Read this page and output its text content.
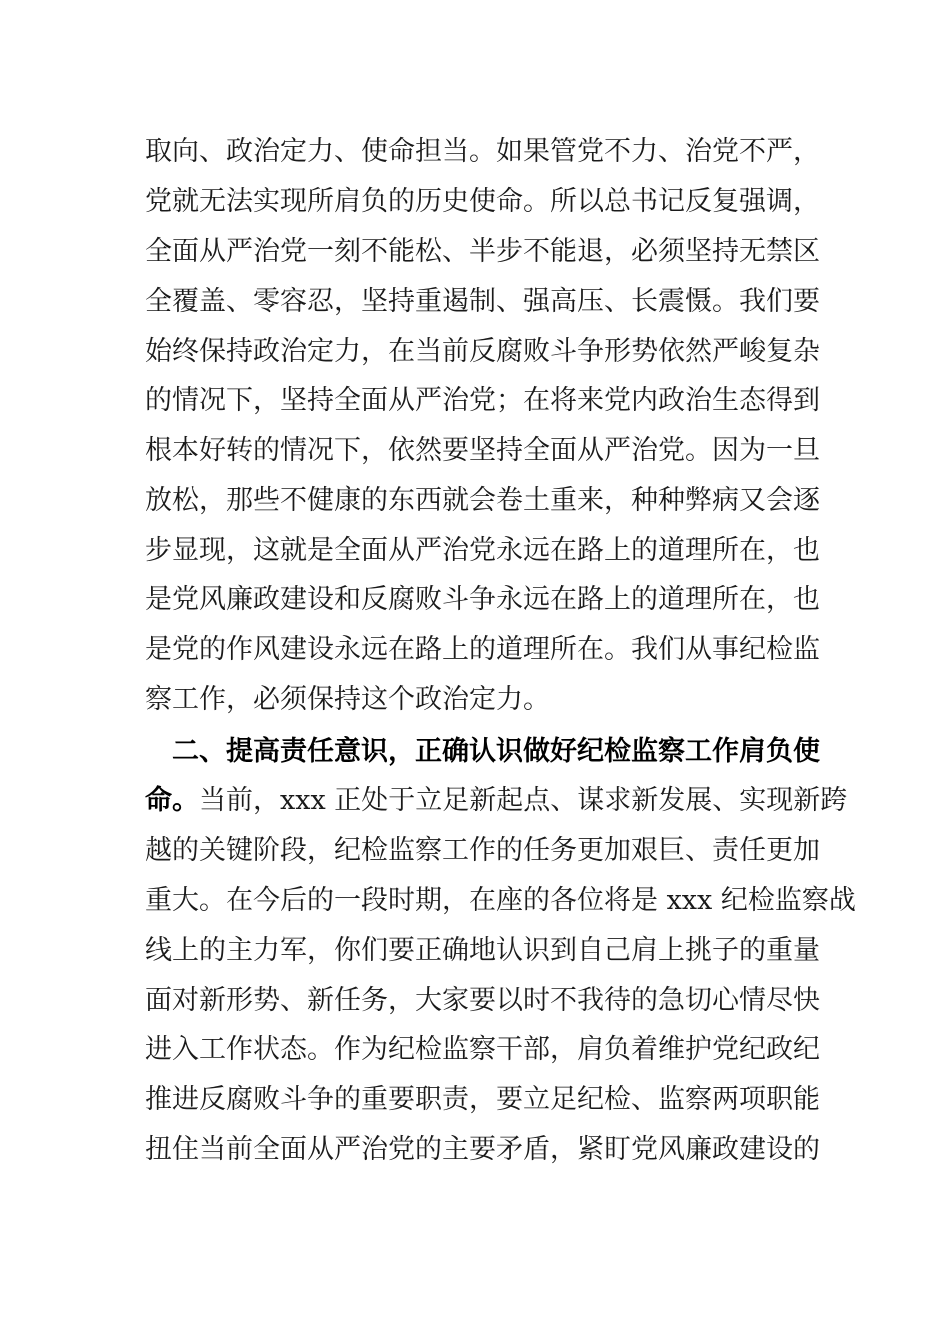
取向、政治定力、使命担当。如果管党不力、治党不严，
党就无法实现所肩负的历史使命。所以总书记反复强调，
全面从严治党一刻不能松、半步不能退，必须坚持无禁区
全覆盖、零容忍，坚持重遏制、强高压、长震慑。我们要
始终保持政治定力，在当前反腐败斗争形势依然严峻复杂
的情况下，坚持全面从严治党；在将来党内政治生态得到
根本好转的情况下，依然要坚持全面从严治党。因为一旦
放松，那些不健康的东西就会卷土重来，种种弊病又会逐
步显现，这就是全面从严治党永远在路上的道理所在，也
是党风廉政建设和反腐败斗争永远在路上的道理所在，也
是党的作风建设永远在路上的道理所在。我们从事纪检监
察工作，必须保持这个政治定力。
二、提高责任意识，正确认识做好纪检监察工作肩负使
命。当前，xxx 正处于立足新起点、谋求新发展、实现新跨
越的关键阶段，纪检监察工作的任务更加艰巨、责任更加
重大。在今后的一段时期，在座的各位将是 xxx 纪检监察战
线上的主力军，你们要正确地认识到自己肩上挑子的重量
面对新形势、新任务，大家要以时不我待的急切心情尽快
进入工作状态。作为纪检监察干部，肩负着维护党纪政纪
推进反腐败斗争的重要职责，要立足纪检、监察两项职能
扭住当前全面从严治党的主要矛盾，紧盯党风廉政建设的
